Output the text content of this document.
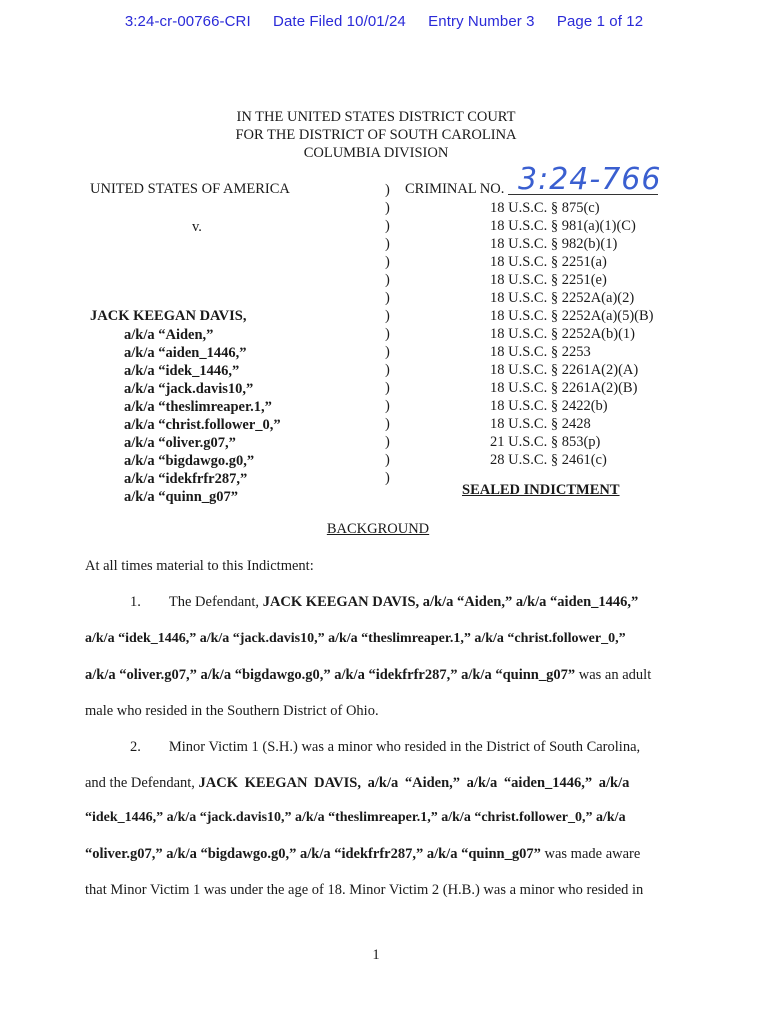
3:24-cr-00766-CRI Date Filed 10/01/24 Entry Number 3 Page 1 of 12
IN THE UNITED STATES DISTRICT COURT
FOR THE DISTRICT OF SOUTH CAROLINA
COLUMBIA DIVISION
UNITED STATES OF AMERICA
v.
JACK KEEGAN DAVIS,
a/k/a “Aiden,”
a/k/a “aiden_1446,”
a/k/a “idek_1446,”
a/k/a “jack.davis10,”
a/k/a “theslimreaper.1,”
a/k/a “christ.follower_0,”
a/k/a “oliver.g07,”
a/k/a “bigdawgo.g0,”
a/k/a “idekfrfr287,”
a/k/a “quinn_g07”
)
)
)
)
)
)
)
)
)
)
)
)
)
)
)
)
)
CRIMINAL NO. 3:24-766
18 U.S.C. § 875(c)
18 U.S.C. § 981(a)(1)(C)
18 U.S.C. § 982(b)(1)
18 U.S.C. § 2251(a)
18 U.S.C. § 2251(e)
18 U.S.C. § 2252A(a)(2)
18 U.S.C. § 2252A(a)(5)(B)
18 U.S.C. § 2252A(b)(1)
18 U.S.C. § 2253
18 U.S.C. § 2261A(2)(A)
18 U.S.C. § 2261A(2)(B)
18 U.S.C. § 2422(b)
18 U.S.C. § 2428
21 U.S.C. § 853(p)
28 U.S.C. § 2461(c)
SEALED INDICTMENT
BACKGROUND
At all times material to this Indictment:
1. The Defendant, JACK KEEGAN DAVIS, a/k/a “Aiden,” a/k/a “aiden_1446,”
a/k/a “idek_1446,” a/k/a “jack.davis10,” a/k/a “theslimreaper.1,” a/k/a “christ.follower_0,”
a/k/a “oliver.g07,” a/k/a “bigdawgo.g0,” a/k/a “idekfrfr287,” a/k/a “quinn_g07” was an adult
male who resided in the Southern District of Ohio.
2. Minor Victim 1 (S.H.) was a minor who resided in the District of South Carolina,
and the Defendant, JACK KEEGAN DAVIS, a/k/a “Aiden,” a/k/a “aiden_1446,” a/k/a
“idek_1446,” a/k/a “jack.davis10,” a/k/a “theslimreaper.1,” a/k/a “christ.follower_0,” a/k/a
“oliver.g07,” a/k/a “bigdawgo.g0,” a/k/a “idekfrfr287,” a/k/a “quinn_g07” was made aware
that Minor Victim 1 was under the age of 18. Minor Victim 2 (H.B.) was a minor who resided in
1
